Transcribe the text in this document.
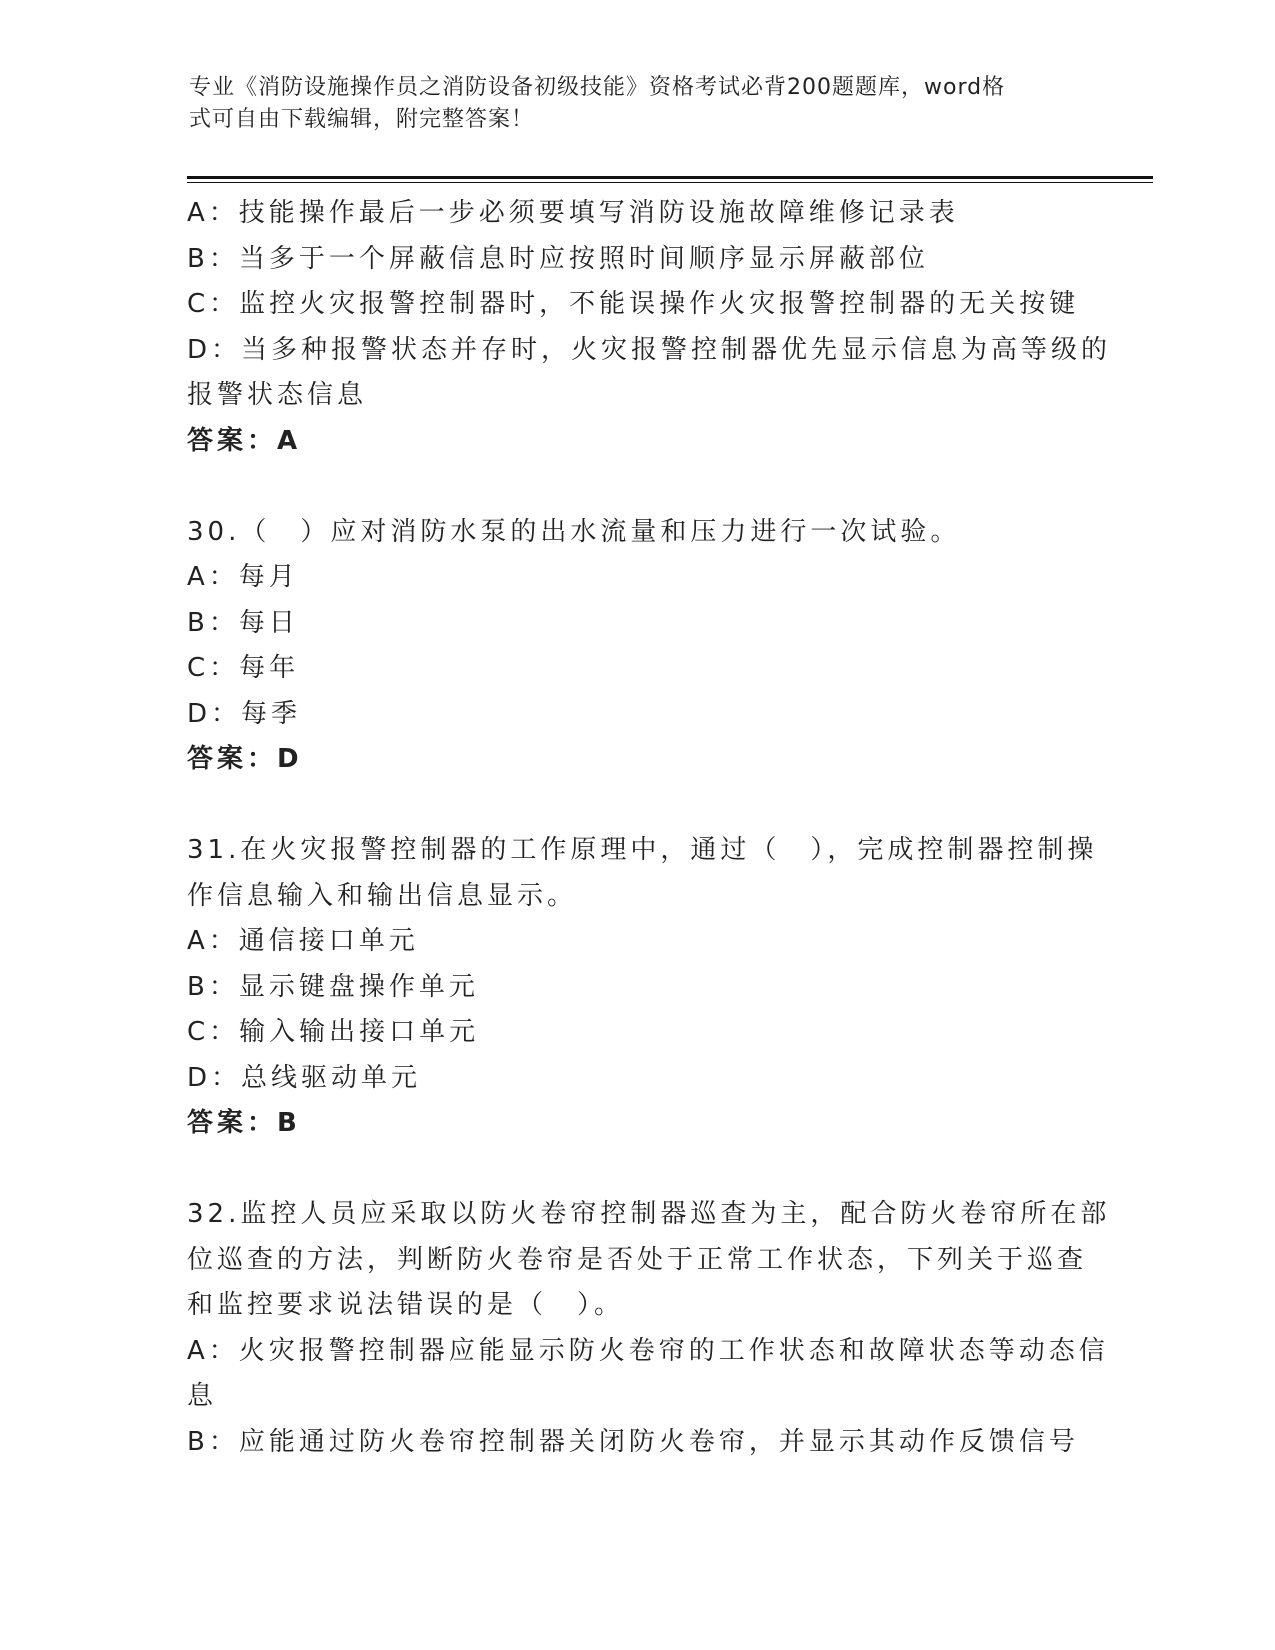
专业《消防设施操作员之消防设备初级技能》资格考试必背200题题库，word格
式可自由下载编辑，附完整答案！
A：技能操作最后一步必须要填写消防设施故障维修记录表
B：当多于一个屏蔽信息时应按照时间顺序显示屏蔽部位
C：监控火灾报警控制器时，不能误操作火灾报警控制器的无关按键
D：当多种报警状态并存时，火灾报警控制器优先显示信息为高等级的
报警状态信息
答案：A
30.（　）应对消防水泵的出水流量和压力进行一次试验。
A：每月
B：每日
C：每年
D：每季
答案：D
31.在火灾报警控制器的工作原理中，通过（　），完成控制器控制操
作信息输入和输出信息显示。
A：通信接口单元
B：显示键盘操作单元
C：输入输出接口单元
D：总线驱动单元
答案：B
32.监控人员应采取以防火卷帘控制器巡查为主，配合防火卷帘所在部
位巡查的方法，判断防火卷帘是否处于正常工作状态，下列关于巡查
和监控要求说法错误的是（　）。
A：火灾报警控制器应能显示防火卷帘的工作状态和故障状态等动态信
息
B：应能通过防火卷帘控制器关闭防火卷帘，并显示其动作反馈信号
